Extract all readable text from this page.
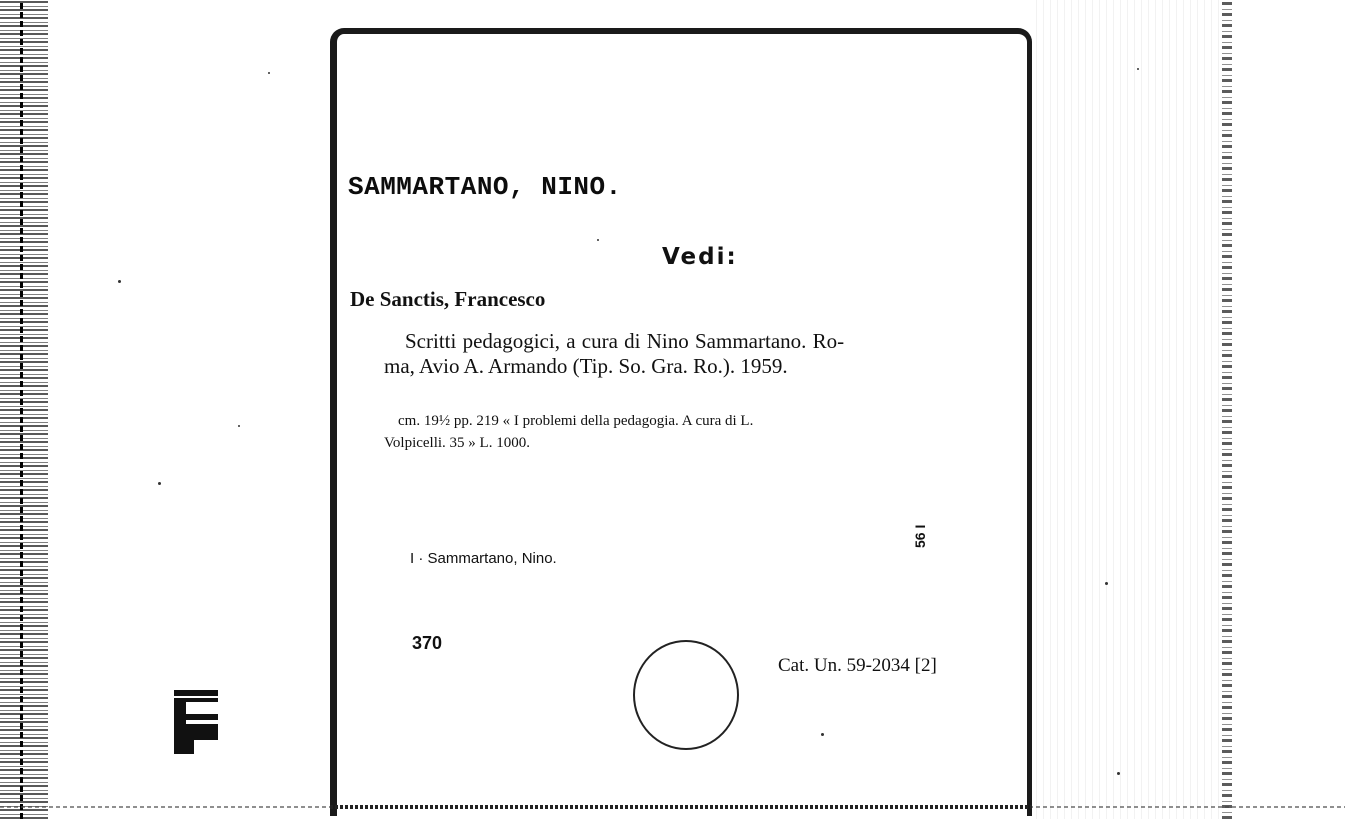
SAMMARTANO, NINO.
Vedi:
De Sanctis, Francesco
Scritti pedagogici, a cura di Nino Sammartano. Ro-
ma, Avio A. Armando (Tip. So. Gra. Ro.). 1959.
cm. 19½ pp. 219 « I problemi della pedagogia. A cura di L.
Volpicelli. 35 » L. 1000.
I · Sammartano, Nino.
56 I
370
Cat. Un. 59-2034 [2]
